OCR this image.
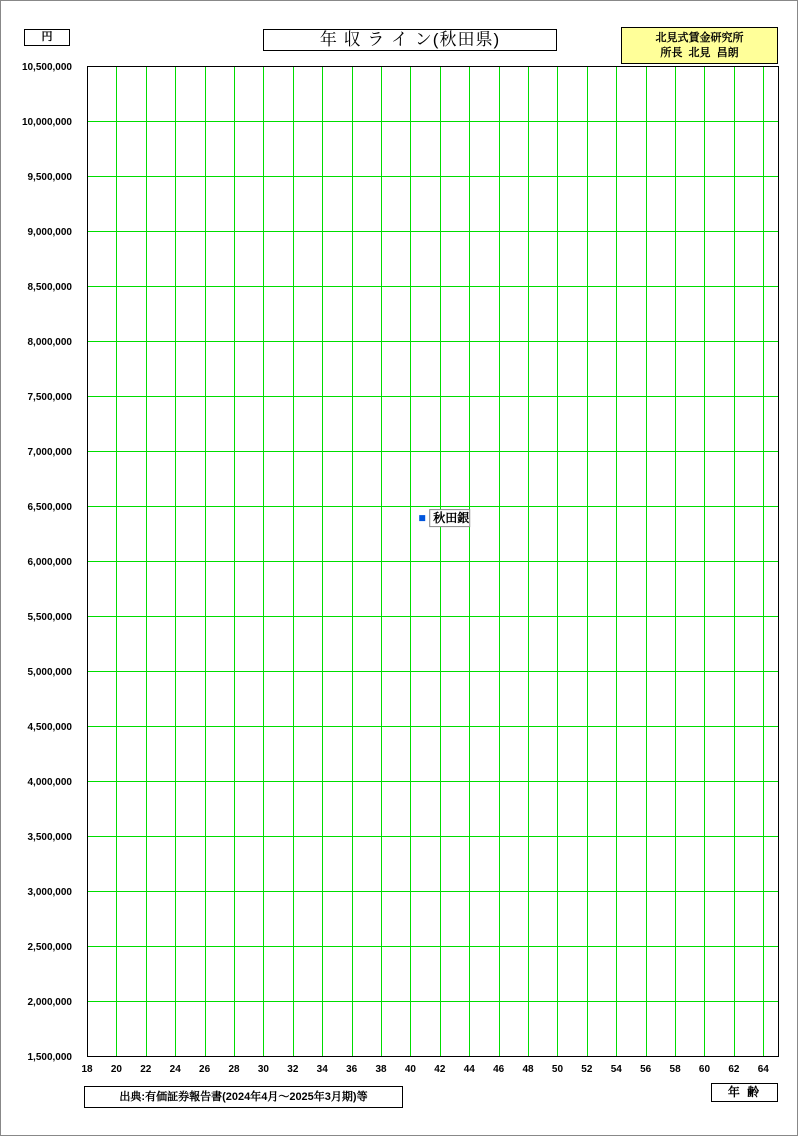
円	年 収 ラ イ ン(秋田県)	北見式賃金研究所
所長  北見  昌朗
1,500,000
2,000,000
2,500,000
3,000,000
3,500,000
4,000,000
4,500,000
5,000,000
5,500,000
6,000,000
6,500,000
7,000,000
7,500,000
8,000,000
8,500,000
9,000,000
9,500,000
10,000,000
10,500,000
18 20 22 24 26 28 30 32 34 36 38 40 42 44 46 48 50 52 54 56 58 60 62 64
秋田銀
出典:有価証券報告書(2024年4月～2025年3月期)等	年 齢
